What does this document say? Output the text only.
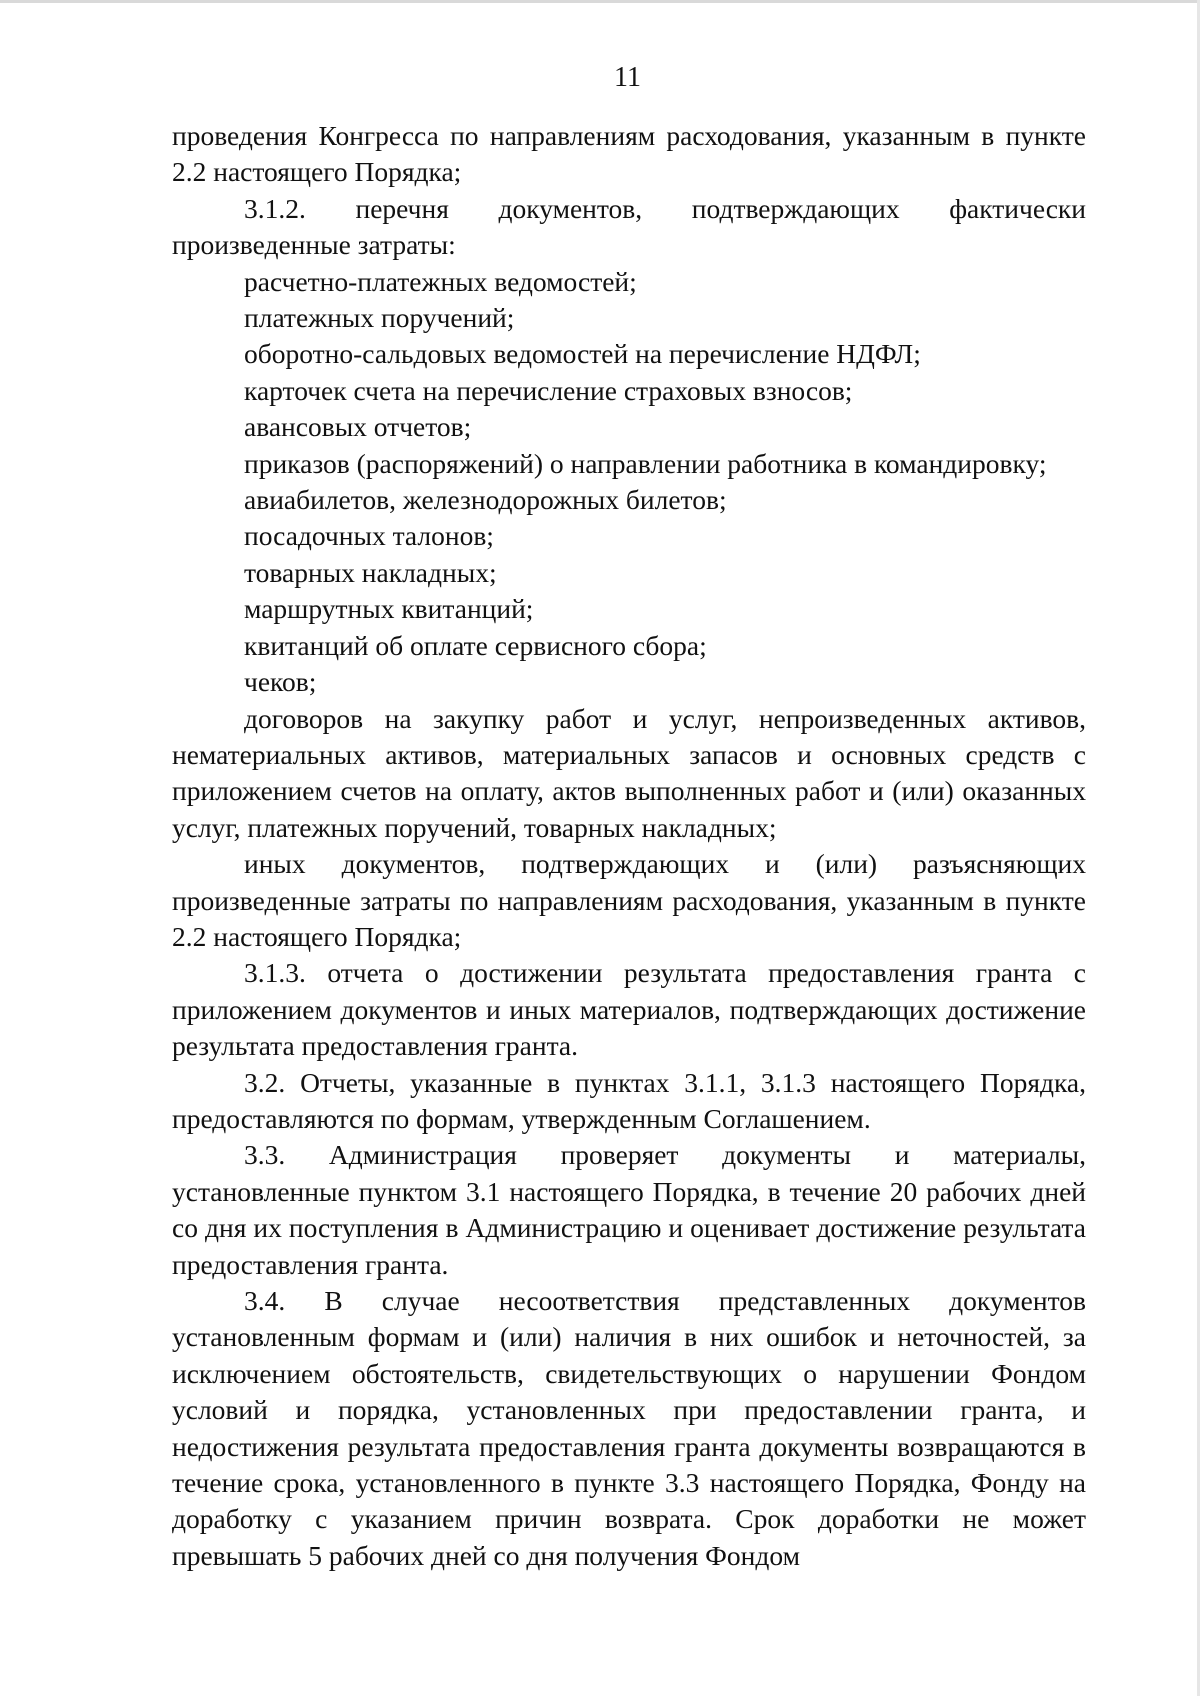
11

проведения Конгресса по направлениям расходования, указанным в пункте 2.2 настоящего Порядка;

3.1.2. перечня документов, подтверждающих фактически произведенные затраты:

расчетно-платежных ведомостей;

платежных поручений;

оборотно-сальдовых ведомостей на перечисление НДФЛ;

карточек счета на перечисление страховых взносов;

авансовых отчетов;

приказов (распоряжений) о направлении работника в командировку;

авиабилетов, железнодорожных билетов;

посадочных талонов;

товарных накладных;

маршрутных квитанций;

квитанций об оплате сервисного сбора;

чеков;

договоров на закупку работ и услуг, непроизведенных активов, нематериальных активов, материальных запасов и основных средств с приложением счетов на оплату, актов выполненных работ и (или) оказанных услуг, платежных поручений, товарных накладных;

иных документов, подтверждающих и (или) разъясняющих произведенные затраты по направлениям расходования, указанным в пункте 2.2 настоящего Порядка;

3.1.3. отчета о достижении результата предоставления гранта с приложением документов и иных материалов, подтверждающих достижение результата предоставления гранта.

3.2. Отчеты, указанные в пунктах 3.1.1, 3.1.3 настоящего Порядка, предоставляются по формам, утвержденным Соглашением.

3.3. Администрация проверяет документы и материалы, установленные пунктом 3.1 настоящего Порядка, в течение 20 рабочих дней со дня их поступления в Администрацию и оценивает достижение результата предоставления гранта.

3.4. В случае несоответствия представленных документов установленным формам и (или) наличия в них ошибок и неточностей, за исключением обстоятельств, свидетельствующих о нарушении Фондом условий и порядка, установленных при предоставлении гранта, и недостижения результата предоставления гранта документы возвращаются в течение срока, установленного в пункте 3.3 настоящего Порядка, Фонду на доработку с указанием причин возврата. Срок доработки не может превышать 5 рабочих дней со дня получения Фондом
